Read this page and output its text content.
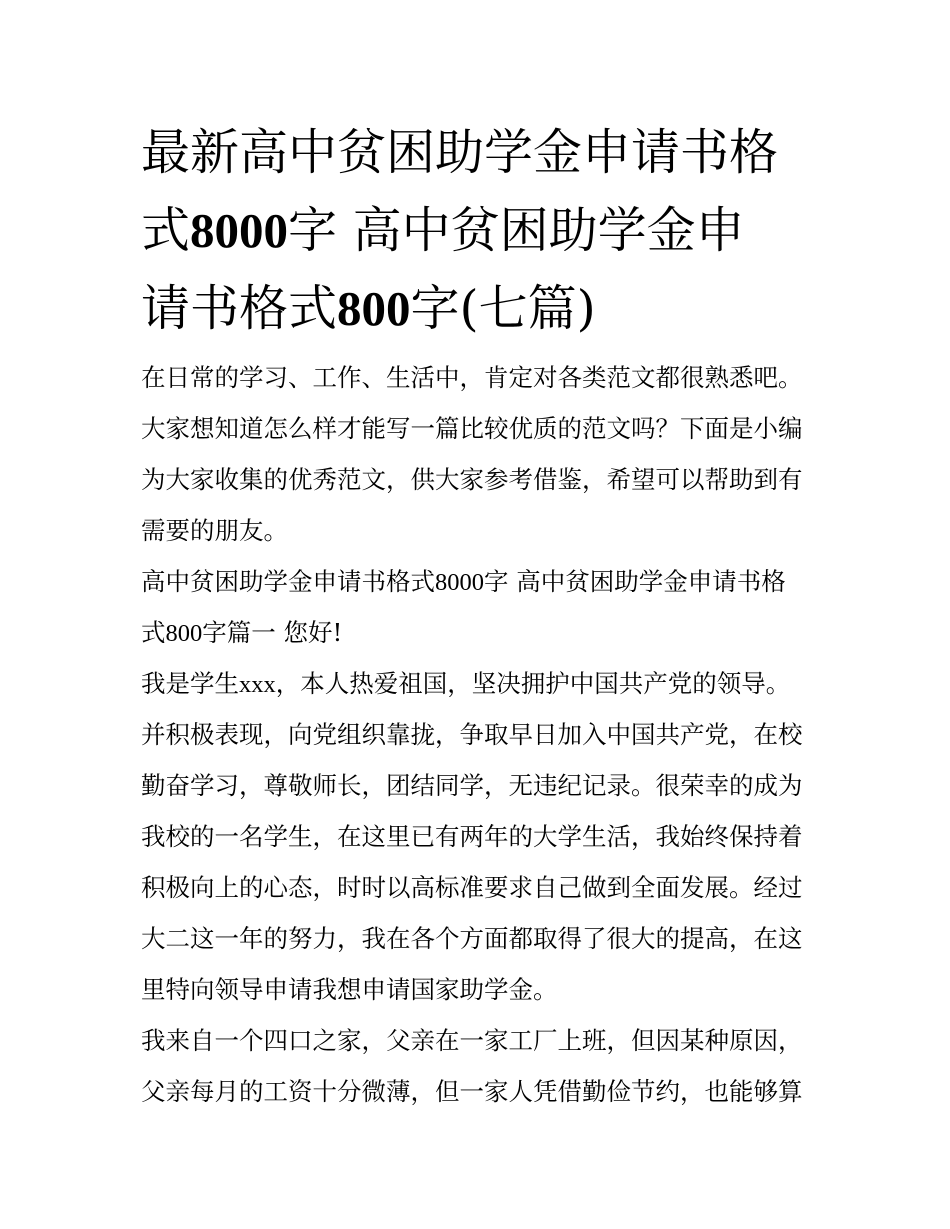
最新高中贫困助学金申请书格
式8000字 高中贫困助学金申
请书格式800字(七篇)
在日常的学习、工作、生活中，肯定对各类范文都很熟悉吧。
大家想知道怎么样才能写一篇比较优质的范文吗？下面是小编
为大家收集的优秀范文，供大家参考借鉴，希望可以帮助到有
需要的朋友。
高中贫困助学金申请书格式8000字 高中贫困助学金申请书格
式800字篇一 您好!
我是学生xxx，本人热爱祖国，坚决拥护中国共产党的领导。
并积极表现，向党组织靠拢，争取早日加入中国共产党，在校
勤奋学习，尊敬师长，团结同学，无违纪记录。很荣幸的成为
我校的一名学生，在这里已有两年的大学生活，我始终保持着
积极向上的心态，时时以高标准要求自己做到全面发展。经过
大二这一年的努力，我在各个方面都取得了很大的提高，在这
里特向领导申请我想申请国家助学金。
我来自一个四口之家，父亲在一家工厂上班，但因某种原因，
父亲每月的工资十分微薄，但一家人凭借勤俭节约，也能够算
